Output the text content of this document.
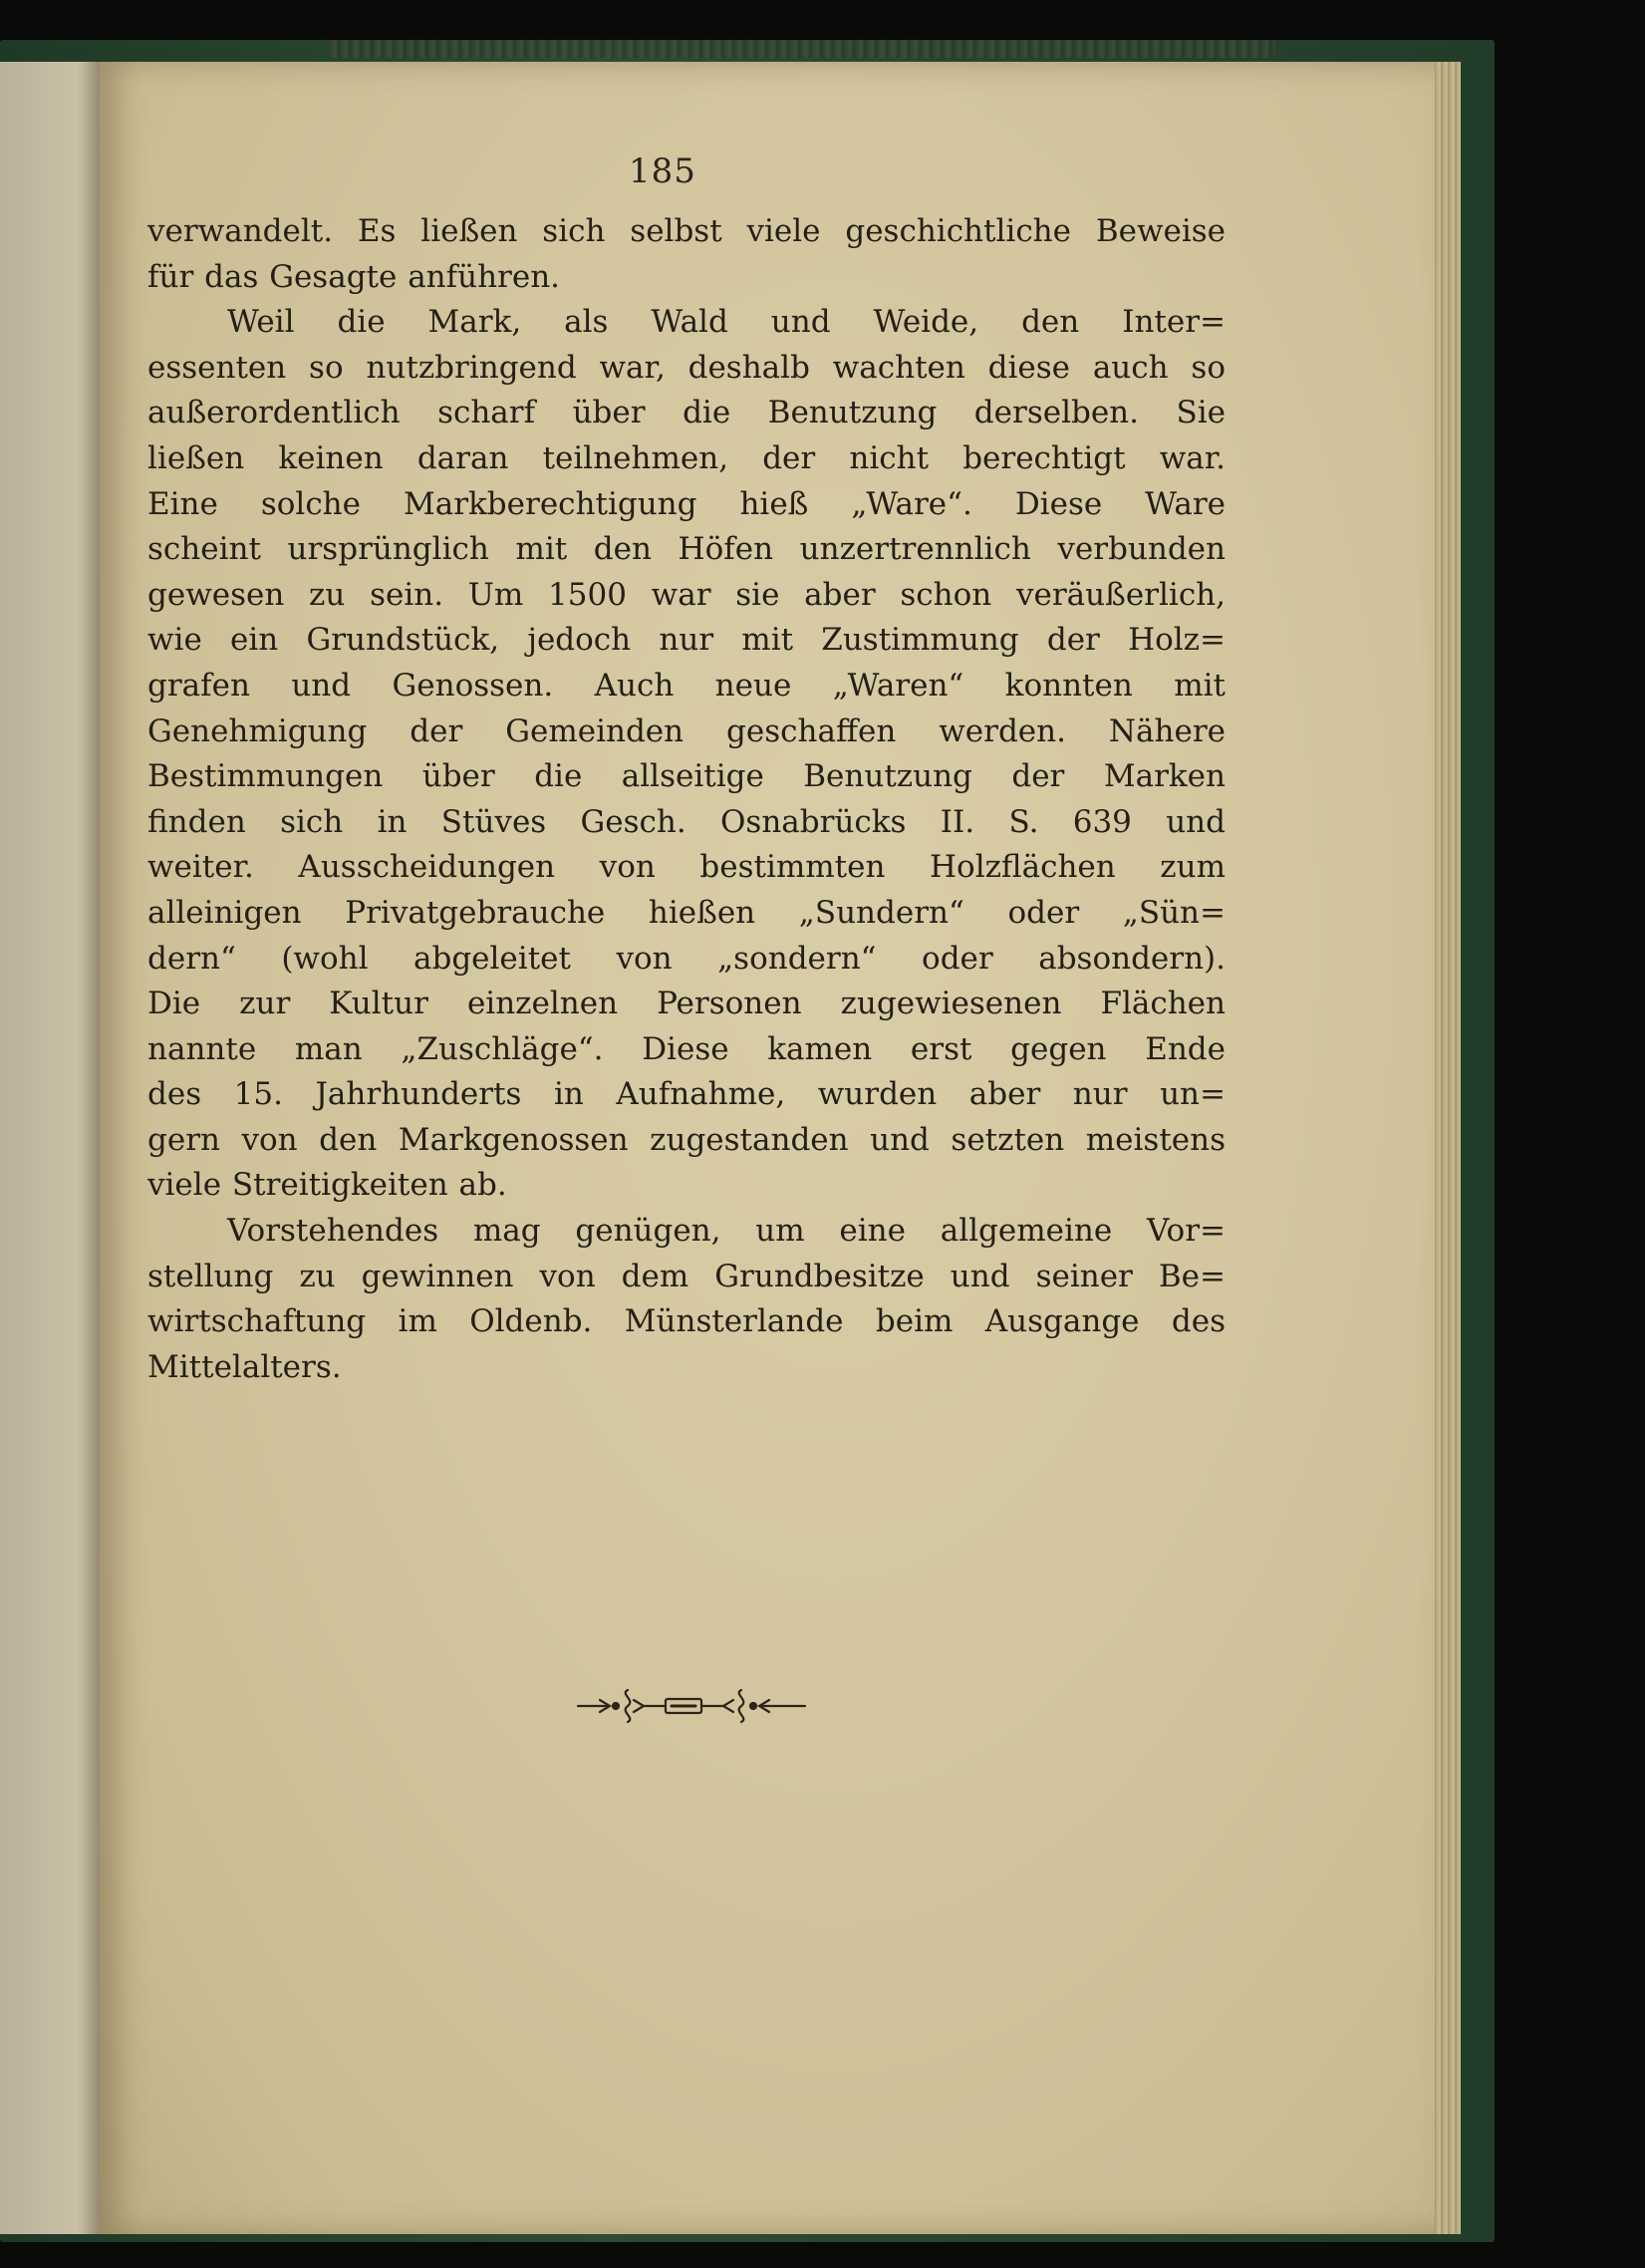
185
verwandelt. Es ließen sich selbst viele geschichtliche Beweise
für das Gesagte anführen.
Weil die Mark, als Wald und Weide, den Inter=
essenten so nutzbringend war, deshalb wachten diese auch so
außerordentlich scharf über die Benutzung derselben. Sie
ließen keinen daran teilnehmen, der nicht berechtigt war.
Eine solche Markberechtigung hieß „Ware“. Diese Ware
scheint ursprünglich mit den Höfen unzertrennlich verbunden
gewesen zu sein. Um 1500 war sie aber schon veräußerlich,
wie ein Grundstück, jedoch nur mit Zustimmung der Holz=
grafen und Genossen. Auch neue „Waren“ konnten mit
Genehmigung der Gemeinden geschaffen werden. Nähere
Bestimmungen über die allseitige Benutzung der Marken
finden sich in Stüves Gesch. Osnabrücks II. S. 639 und
weiter. Ausscheidungen von bestimmten Holzflächen zum
alleinigen Privatgebrauche hießen „Sundern“ oder „Sün=
dern“ (wohl abgeleitet von „sondern“ oder absondern).
Die zur Kultur einzelnen Personen zugewiesenen Flächen
nannte man „Zuschläge“. Diese kamen erst gegen Ende
des 15. Jahrhunderts in Aufnahme, wurden aber nur un=
gern von den Markgenossen zugestanden und setzten meistens
viele Streitigkeiten ab.
Vorstehendes mag genügen, um eine allgemeine Vor=
stellung zu gewinnen von dem Grundbesitze und seiner Be=
wirtschaftung im Oldenb. Münsterlande beim Ausgange des
Mittelalters.
